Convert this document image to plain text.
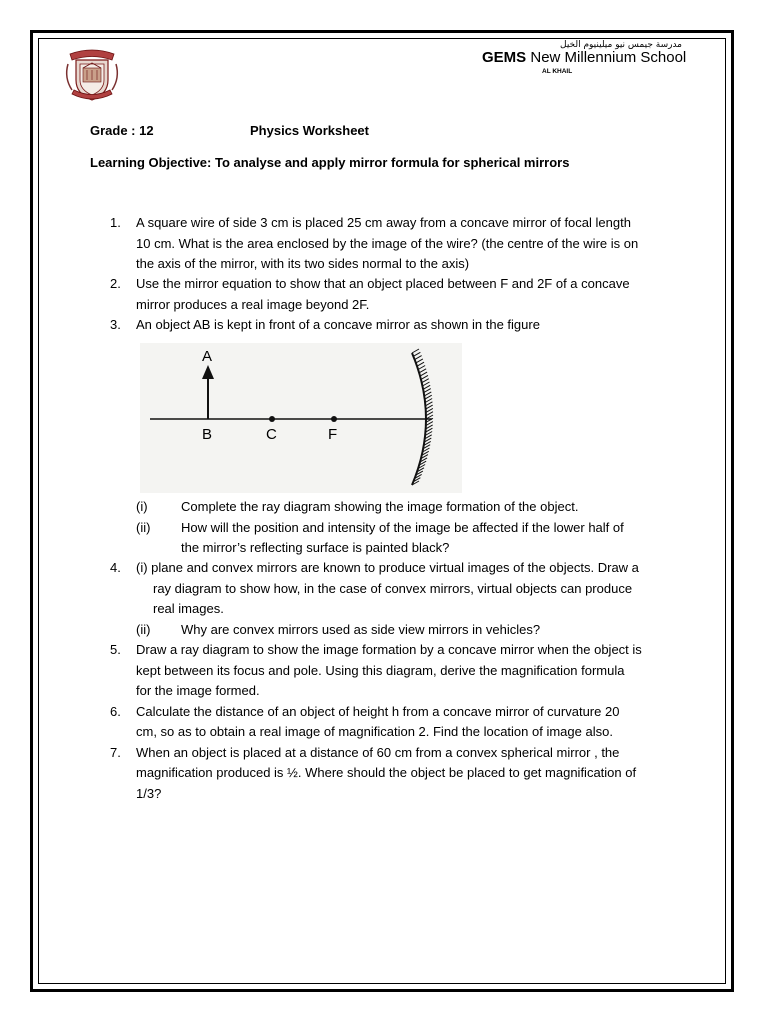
مدرسة جيمس نيو ميلينيوم الخيل
GEMS New Millennium School
AL KHAIL
Grade : 12	Physics Worksheet
Learning Objective: To analyse and apply mirror formula for spherical mirrors
1.	A square wire of side 3 cm is placed 25 cm away from a concave mirror of focal length
10 cm. What is the area enclosed by the image of the wire? (the centre of the wire is on
the axis of the mirror, with its two sides normal to the axis)
2.	Use the mirror equation to show that an object placed between F and 2F of a concave
mirror produces a real image beyond 2F.
3.	An object AB is kept in front of a concave mirror as shown in the figure
A
B	C	F
(i)	Complete the ray diagram showing the image formation of the object.
(ii) How will the position and intensity of the image be affected if the lower half of
the mirror’s reflecting surface is painted black?
4.	(i) plane and convex mirrors are known to produce virtual images of the objects. Draw a
ray diagram to show how, in the case of convex mirrors, virtual objects can produce
real images.
(ii) Why are convex mirrors used as side view mirrors in vehicles?
5.	Draw a ray diagram to show the image formation by a concave mirror when the object is
kept between its focus and pole. Using this diagram, derive the magnification formula
for the image formed.
6.	Calculate the distance of an object of height h from a concave mirror of curvature 20
cm, so as to obtain a real image of magnification 2. Find the location of image also.
7.	When an object is placed at a distance of 60 cm from a convex spherical mirror , the
magnification produced is ½. Where should the object be placed to get magnification of
1/3?
